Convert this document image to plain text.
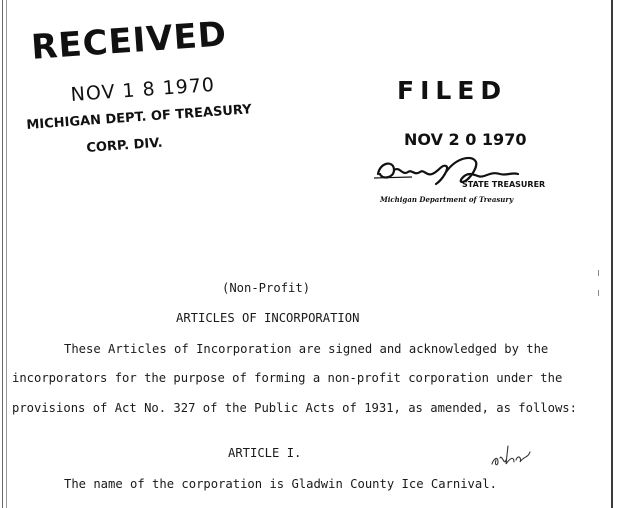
RECEIVED
NOV 1 8 1970
MICHIGAN DEPT. OF TREASURY
CORP. DIV.
FILED
NOV 2 0 1970
STATE TREASURER
Michigan Department of Treasury
(Non-Profit)
ARTICLES OF INCORPORATION
These Articles of Incorporation are signed and acknowledged by the
incorporators for the purpose of forming a non-profit corporation under the
provisions of Act No. 327 of the Public Acts of 1931, as amended, as follows:
ARTICLE I.
The name of the corporation is Gladwin County Ice Carnival.
